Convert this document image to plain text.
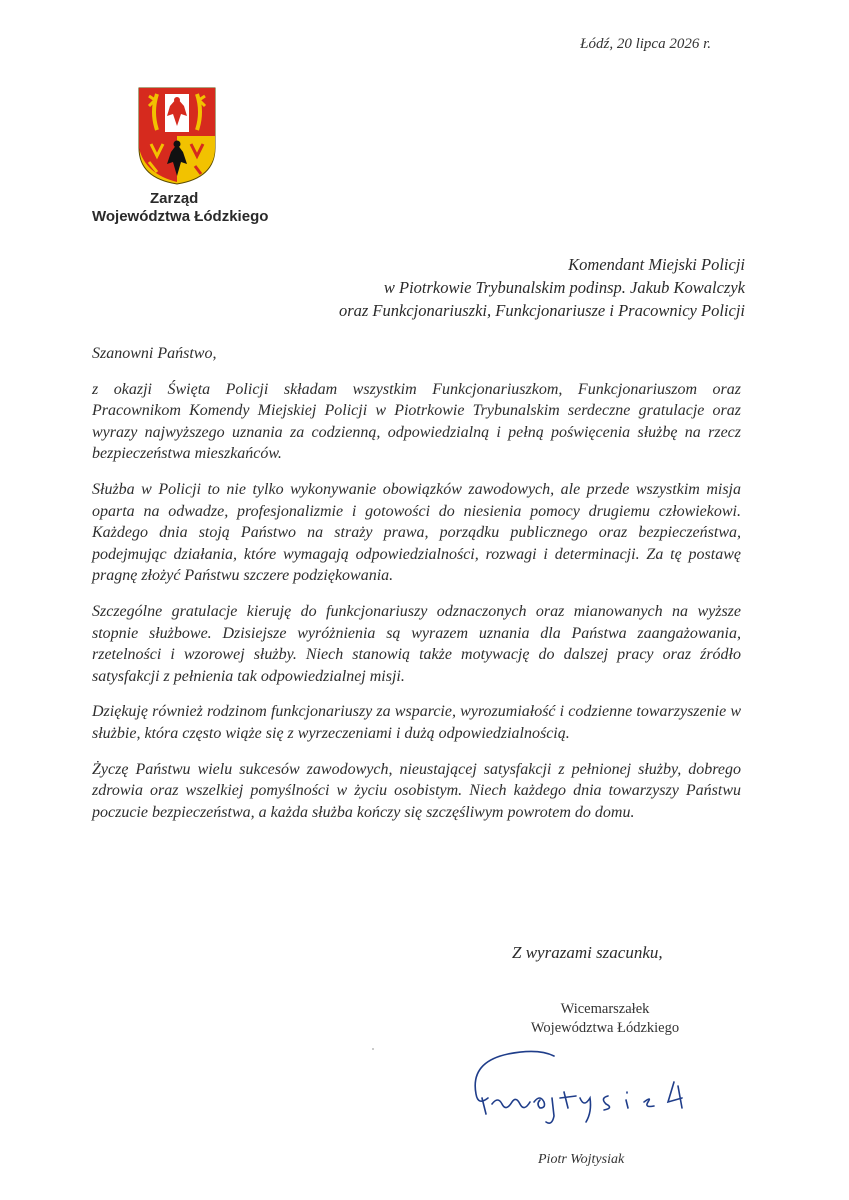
Łódź, 20 lipca 2026 r.
Zarząd
Województwa Łódzkiego
Komendant Miejski Policji
w Piotrkowie Trybunalskim podinsp. Jakub Kowalczyk
oraz Funkcjonariuszki, Funkcjonariusze i Pracownicy Policji
Szanowni Państwo,

z okazji Święta Policji składam wszystkim Funkcjonariuszkom, Funkcjonariuszom oraz Pracownikom Komendy Miejskiej Policji w Piotrkowie Trybunalskim serdeczne gratulacje oraz wyrazy najwyższego uznania za codzienną, odpowiedzialną i pełną poświęcenia służbę na rzecz bezpieczeństwa mieszkańców.

Służba w Policji to nie tylko wykonywanie obowiązków zawodowych, ale przede wszystkim misja oparta na odwadze, profesjonalizmie i gotowości do niesienia pomocy drugiemu człowiekowi. Każdego dnia stoją Państwo na straży prawa, porządku publicznego oraz bezpieczeństwa, podejmując działania, które wymagają odpowiedzialności, rozwagi i determinacji. Za tę postawę pragnę złożyć Państwu szczere podziękowania.

Szczególne gratulacje kieruję do funkcjonariuszy odznaczonych oraz mianowanych na wyższe stopnie służbowe. Dzisiejsze wyróżnienia są wyrazem uznania dla Państwa zaangażowania, rzetelności i wzorowej służby. Niech stanowią także motywację do dalszej pracy oraz źródło satysfakcji z pełnienia tak odpowiedzialnej misji.

Dziękuję również rodzinom funkcjonariuszy za wsparcie, wyrozumiałość i codzienne towarzyszenie w służbie, która często wiąże się z wyrzeczeniami i dużą odpowiedzialnością.

Życzę Państwu wielu sukcesów zawodowych, nieustającej satysfakcji z pełnionej służby, dobrego zdrowia oraz wszelkiej pomyślności w życiu osobistym. Niech każdego dnia towarzyszy Państwu poczucie bezpieczeństwa, a każda służba kończy się szczęśliwym powrotem do domu.

Z wyrazami szacunku,
Wicemarszałek
Województwa Łódzkiego
Piotr Wojtysiak
